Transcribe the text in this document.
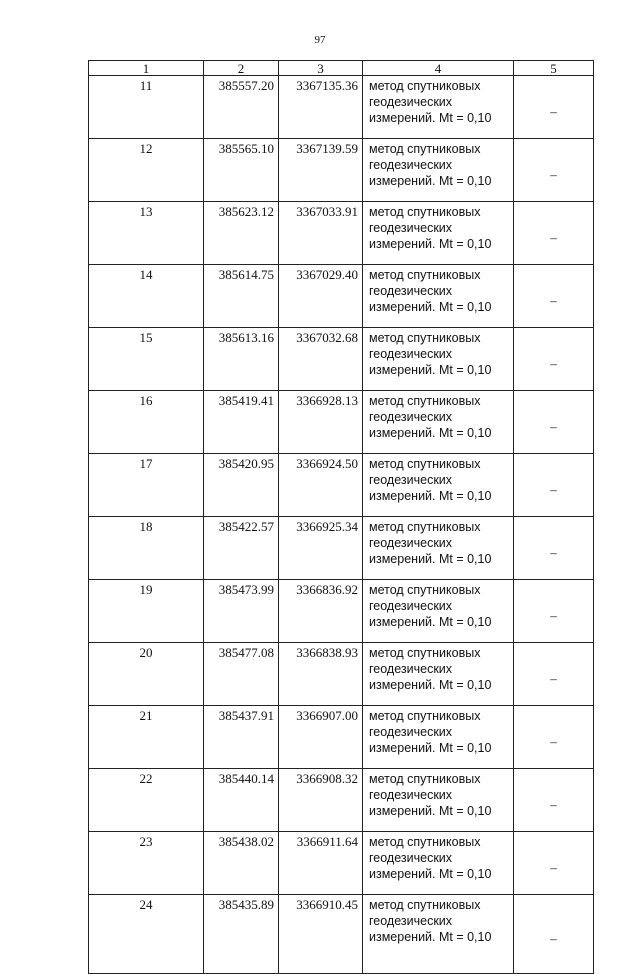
97
1	2	3	4	5
11	385557.20	3367135.36	метод спутниковых
геодезических
измерений. Mt = 0,10	–
12	385565.10	3367139.59	метод спутниковых
геодезических
измерений. Mt = 0,10	–
13	385623.12	3367033.91	метод спутниковых
геодезических
измерений. Mt = 0,10	–
14	385614.75	3367029.40	метод спутниковых
геодезических
измерений. Mt = 0,10	–
15	385613.16	3367032.68	метод спутниковых
геодезических
измерений. Mt = 0,10	–
16	385419.41	3366928.13	метод спутниковых
геодезических
измерений. Mt = 0,10	–
17	385420.95	3366924.50	метод спутниковых
геодезических
измерений. Mt = 0,10	–
18	385422.57	3366925.34	метод спутниковых
геодезических
измерений. Mt = 0,10	–
19	385473.99	3366836.92	метод спутниковых
геодезических
измерений. Mt = 0,10	–
20	385477.08	3366838.93	метод спутниковых
геодезических
измерений. Mt = 0,10	–
21	385437.91	3366907.00	метод спутниковых
геодезических
измерений. Mt = 0,10	–
22	385440.14	3366908.32	метод спутниковых
геодезических
измерений. Mt = 0,10	–
23	385438.02	3366911.64	метод спутниковых
геодезических
измерений. Mt = 0,10	–
24	385435.89	3366910.45	метод спутниковых
геодезических
измерений. Mt = 0,10	–
